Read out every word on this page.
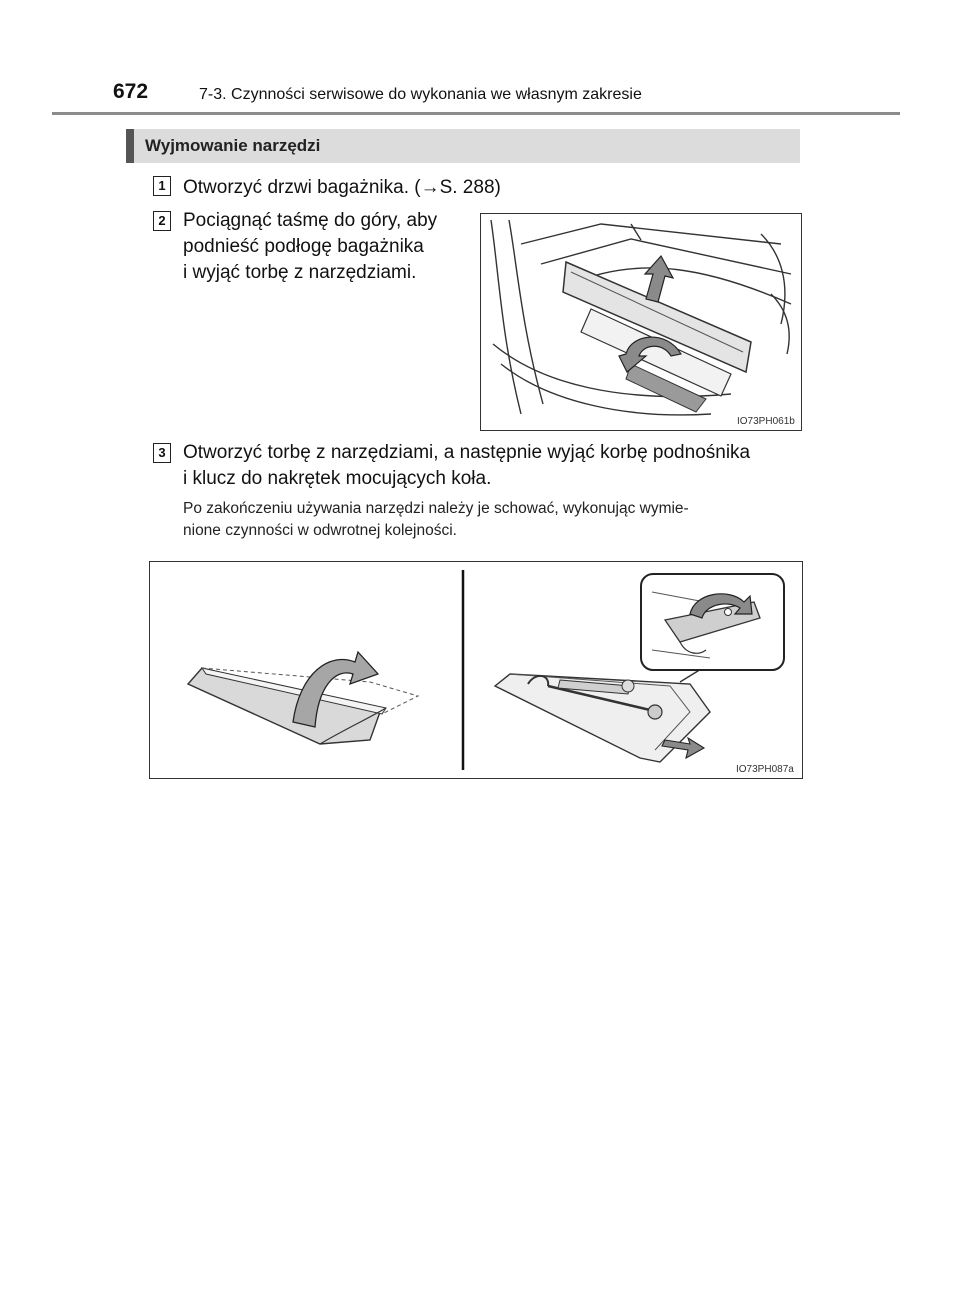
672	7-3. Czynności serwisowe do wykonania we własnym zakresie
Wyjmowanie narzędzi
1 Otworzyć drzwi bagażnika. (→S. 288)
2 Pociągnąć taśmę do góry, aby
podnieść podłogę bagażnika
i wyjąć torbę z narzędziami.
IO73PH061b
3 Otworzyć torbę z narzędziami, a następnie wyjąć korbę podnośnika
i klucz do nakrętek mocujących koła.
Po zakończeniu używania narzędzi należy je schować, wykonując wymie-
nione czynności w odwrotnej kolejności.
IO73PH087a
